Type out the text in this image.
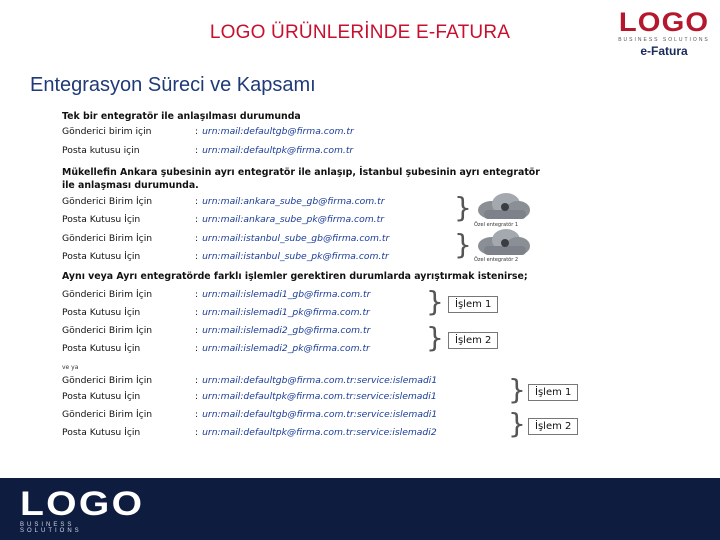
LOGO ÜRÜNLERİNDE E-FATURA	LOGO
BUSINESS SOLUTIONS
e-Fatura
Entegrasyon Süreci ve Kapsamı
Tek bir entegratör ile anlaşılması durumunda
Gönderici birim için	: urn:mail:defaultgb@firma.com.tr
Posta kutusu için	: urn:mail:defaultpk@firma.com.tr
Mükellefin Ankara şubesinin ayrı entegratör ile anlaşıp, İstanbul şubesinin ayrı entegratör
ile anlaşması durumunda.
Gönderici Birim İçin	: urn:mail:ankara_sube_gb@firma.com.tr
Posta Kutusu İçin	: urn:mail:ankara_sube_pk@firma.com.tr
Gönderici Birim İçin	: urn:mail:istanbul_sube_gb@firma.com.tr
Posta Kutusu İçin	: urn:mail:istanbul_sube_pk@firma.com.tr
}
}
Özel entegratör 1
Özel entegratör 2
Aynı veya Ayrı entegratörde farklı işlemler gerektiren durumlarda ayrıştırmak istenirse;
Gönderici Birim İçin	: urn:mail:islemadi1_gb@firma.com.tr
Posta Kutusu İçin	: urn:mail:islemadi1_pk@firma.com.tr
Gönderici Birim İçin	: urn:mail:islemadi2_gb@firma.com.tr
Posta Kutusu İçin	: urn:mail:islemadi2_pk@firma.com.tr
}
}
İşlem 1
İşlem 2
ve ya
Gönderici Birim İçin	: urn:mail:defaultgb@firma.com.tr:service:islemadi1
Posta Kutusu İçin	: urn:mail:defaultpk@firma.com.tr:service:islemadi1
Gönderici Birim İçin	: urn:mail:defaultgb@firma.com.tr:service:islemadi1
Posta Kutusu İçin	: urn:mail:defaultpk@firma.com.tr:service:islemadi2
}
}
İşlem 1
İşlem 2
LOGO
BUSINESS SOLUTIONS
